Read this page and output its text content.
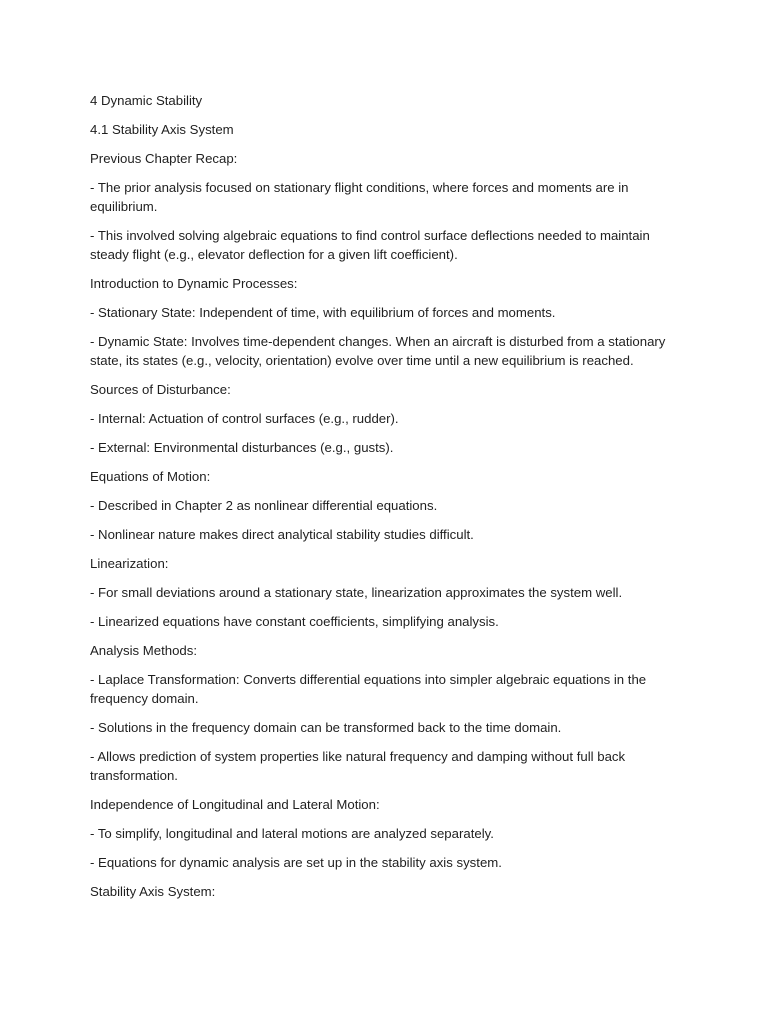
4 Dynamic Stability

4.1 Stability Axis System

Previous Chapter Recap:

- The prior analysis focused on stationary flight conditions, where forces and moments are in equilibrium.

- This involved solving algebraic equations to find control surface deflections needed to maintain steady flight (e.g., elevator deflection for a given lift coefficient).

Introduction to Dynamic Processes:

- Stationary State: Independent of time, with equilibrium of forces and moments.

- Dynamic State: Involves time-dependent changes. When an aircraft is disturbed from a stationary state, its states (e.g., velocity, orientation) evolve over time until a new equilibrium is reached.

Sources of Disturbance:

- Internal: Actuation of control surfaces (e.g., rudder).

- External: Environmental disturbances (e.g., gusts).

Equations of Motion:

- Described in Chapter 2 as nonlinear differential equations.

- Nonlinear nature makes direct analytical stability studies difficult.

Linearization:

- For small deviations around a stationary state, linearization approximates the system well.

- Linearized equations have constant coefficients, simplifying analysis.

Analysis Methods:

- Laplace Transformation: Converts differential equations into simpler algebraic equations in the frequency domain.

- Solutions in the frequency domain can be transformed back to the time domain.

- Allows prediction of system properties like natural frequency and damping without full back transformation.

Independence of Longitudinal and Lateral Motion:

- To simplify, longitudinal and lateral motions are analyzed separately.

- Equations for dynamic analysis are set up in the stability axis system.

Stability Axis System:
